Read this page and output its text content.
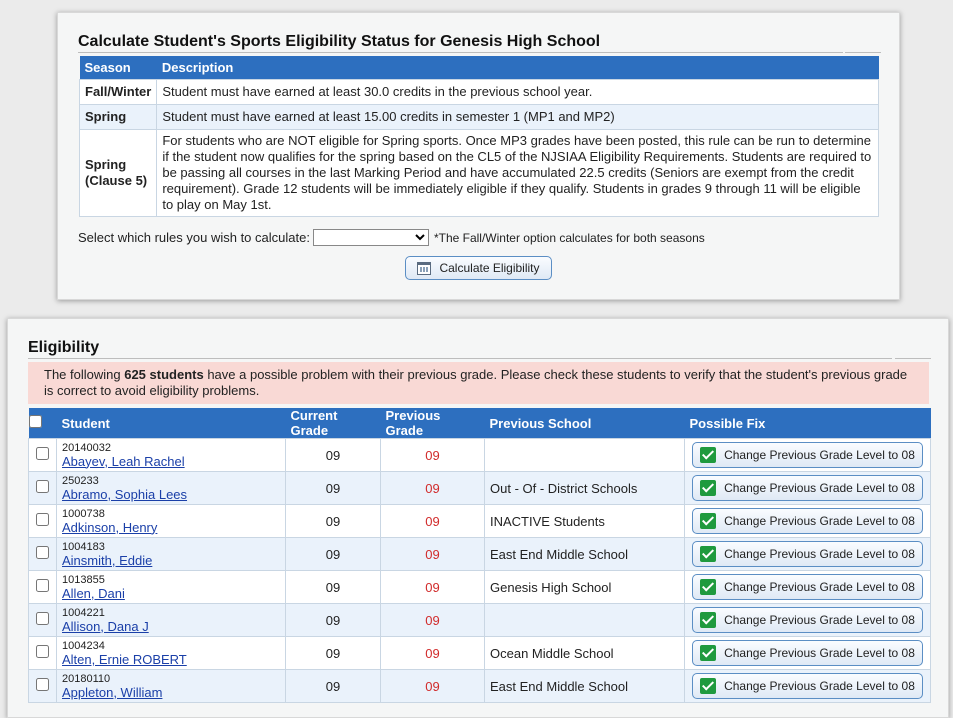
Calculate Student's Sports Eligibility Status for Genesis High School
Season	Description
Fall/Winter	Student must have earned at least 30.0 credits in the previous school year.
Spring	Student must have earned at least 15.00 credits in semester 1 (MP1 and MP2)
Spring
(Clause 5)	For students who are NOT eligible for Spring sports. Once MP3 grades have been posted, this rule can be run to determine if the student now qualifies for the spring based on the CL5 of the NJSIAA Eligibility Requirements. Students are required to be passing all courses in the last Marking Period and have accumulated 22.5 credits (Seniors are exempt from the credit requirement). Grade 12 students will be immediately eligible if they qualify. Students in grades 9 through 11 will be eligible to play on May 1st.
Select which rules you wish to calculate:	*The Fall/Winter option calculates for both seasons
Calculate Eligibility
Eligibility
The following 625 students have a possible problem with their previous grade. Please check these students to verify that the student's previous grade is correct to avoid eligibility problems.
	Student	Current Grade	Previous Grade	Previous School	Possible Fix

20140032
Abayev, Leah Rachel	09	09		Change Previous Grade Level to 08

250233
Abramo, Sophia Lees	09	09	Out - Of - District Schools	Change Previous Grade Level to 08

1000738
Adkinson, Henry	09	09	INACTIVE Students	Change Previous Grade Level to 08

1004183
Ainsmith, Eddie	09	09	East End Middle School	Change Previous Grade Level to 08

1013855
Allen, Dani	09	09	Genesis High School	Change Previous Grade Level to 08

1004221
Allison, Dana J	09	09		Change Previous Grade Level to 08

1004234
Alten, Ernie ROBERT	09	09	Ocean Middle School	Change Previous Grade Level to 08

20180110
Appleton, William	09	09	East End Middle School	Change Previous Grade Level to 08
